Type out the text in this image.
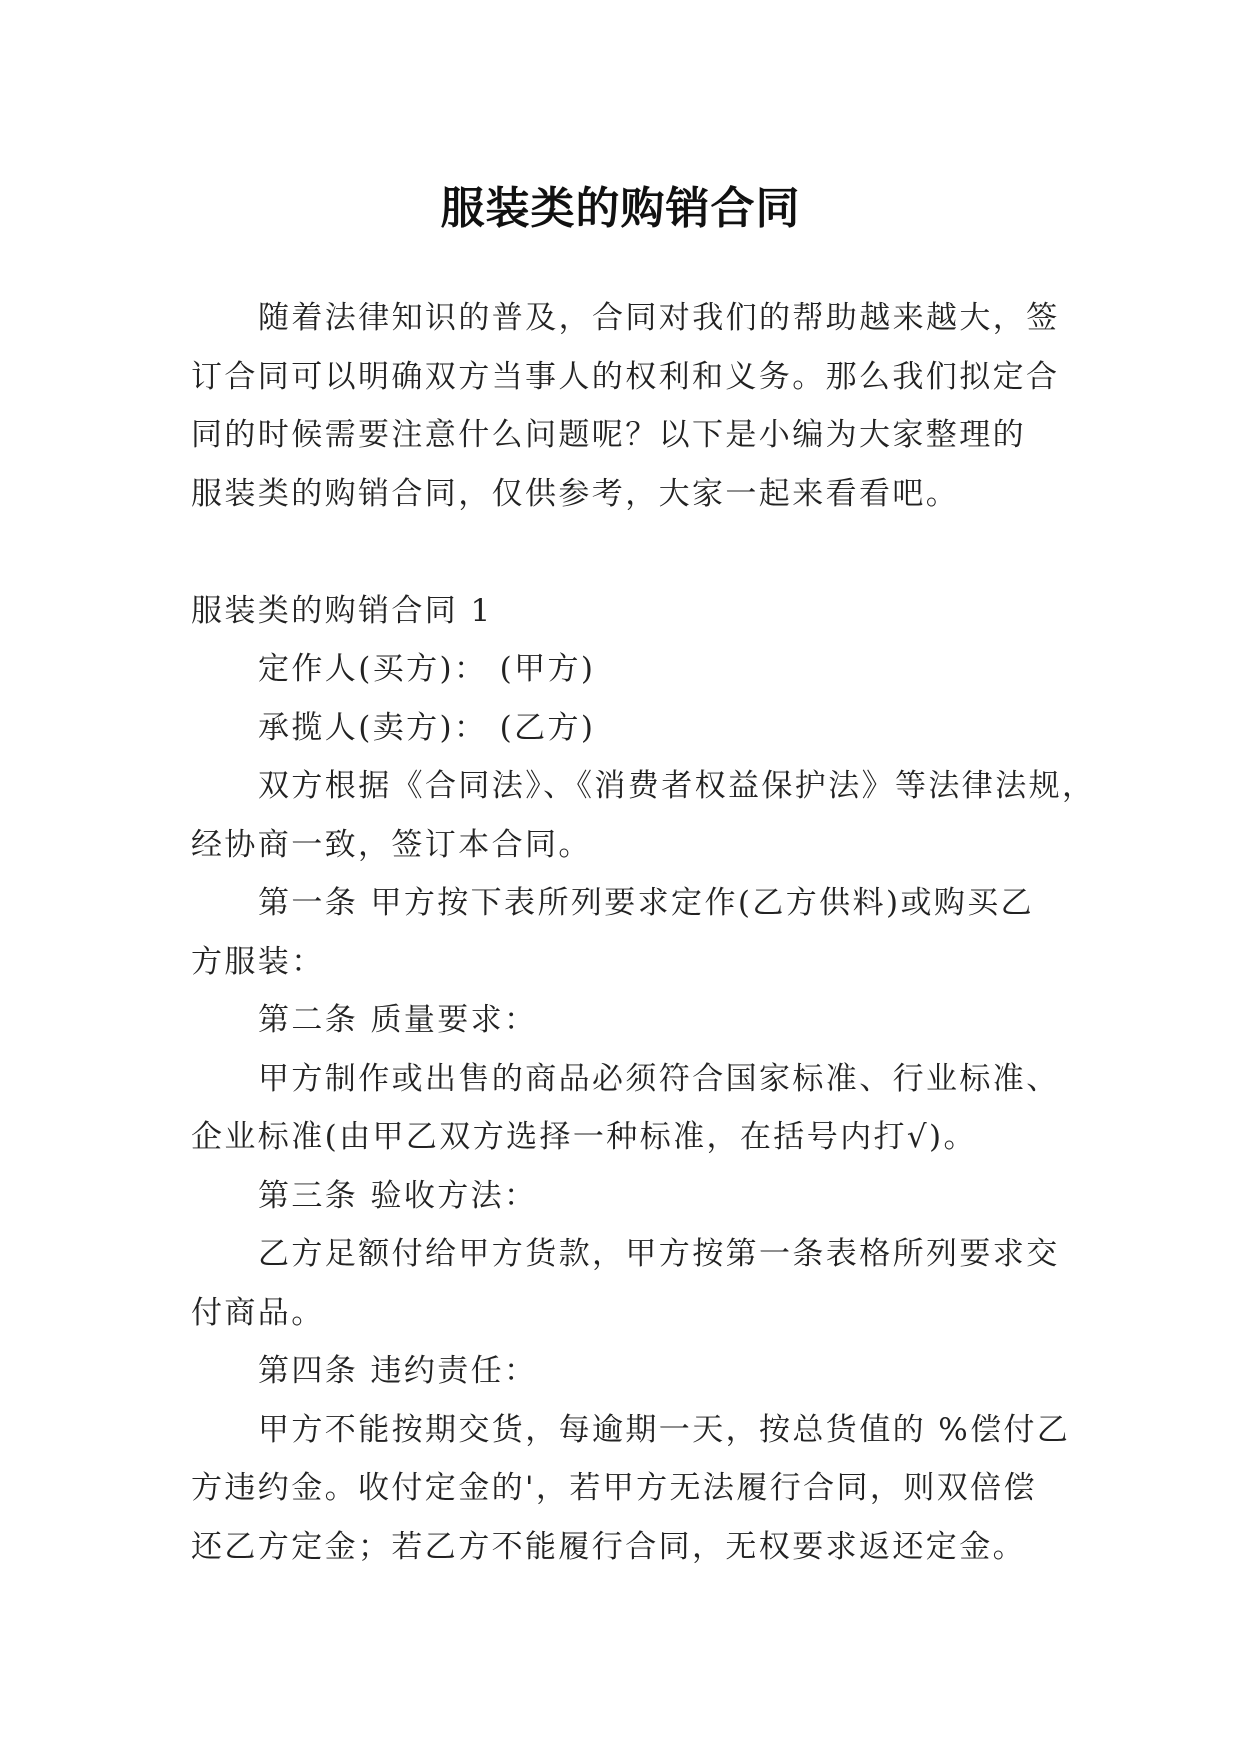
服装类的购销合同
随着法律知识的普及，合同对我们的帮助越来越大，签
订合同可以明确双方当事人的权利和义务。那么我们拟定合
同的时候需要注意什么问题呢？以下是小编为大家整理的
服装类的购销合同，仅供参考，大家一起来看看吧。
服装类的购销合同 1
定作人(买方)： (甲方)
承揽人(卖方)： (乙方)
双方根据《合同法》、《消费者权益保护法》等法律法规，
经协商一致，签订本合同。
第一条 甲方按下表所列要求定作(乙方供料)或购买乙
方服装：
第二条 质量要求：
甲方制作或出售的商品必须符合国家标准、行业标准、
企业标准(由甲乙双方选择一种标准，在括号内打√)。
第三条 验收方法：
乙方足额付给甲方货款，甲方按第一条表格所列要求交
付商品。
第四条 违约责任：
甲方不能按期交货，每逾期一天，按总货值的 %偿付乙
方违约金。收付定金的'，若甲方无法履行合同，则双倍偿
还乙方定金；若乙方不能履行合同，无权要求返还定金。
